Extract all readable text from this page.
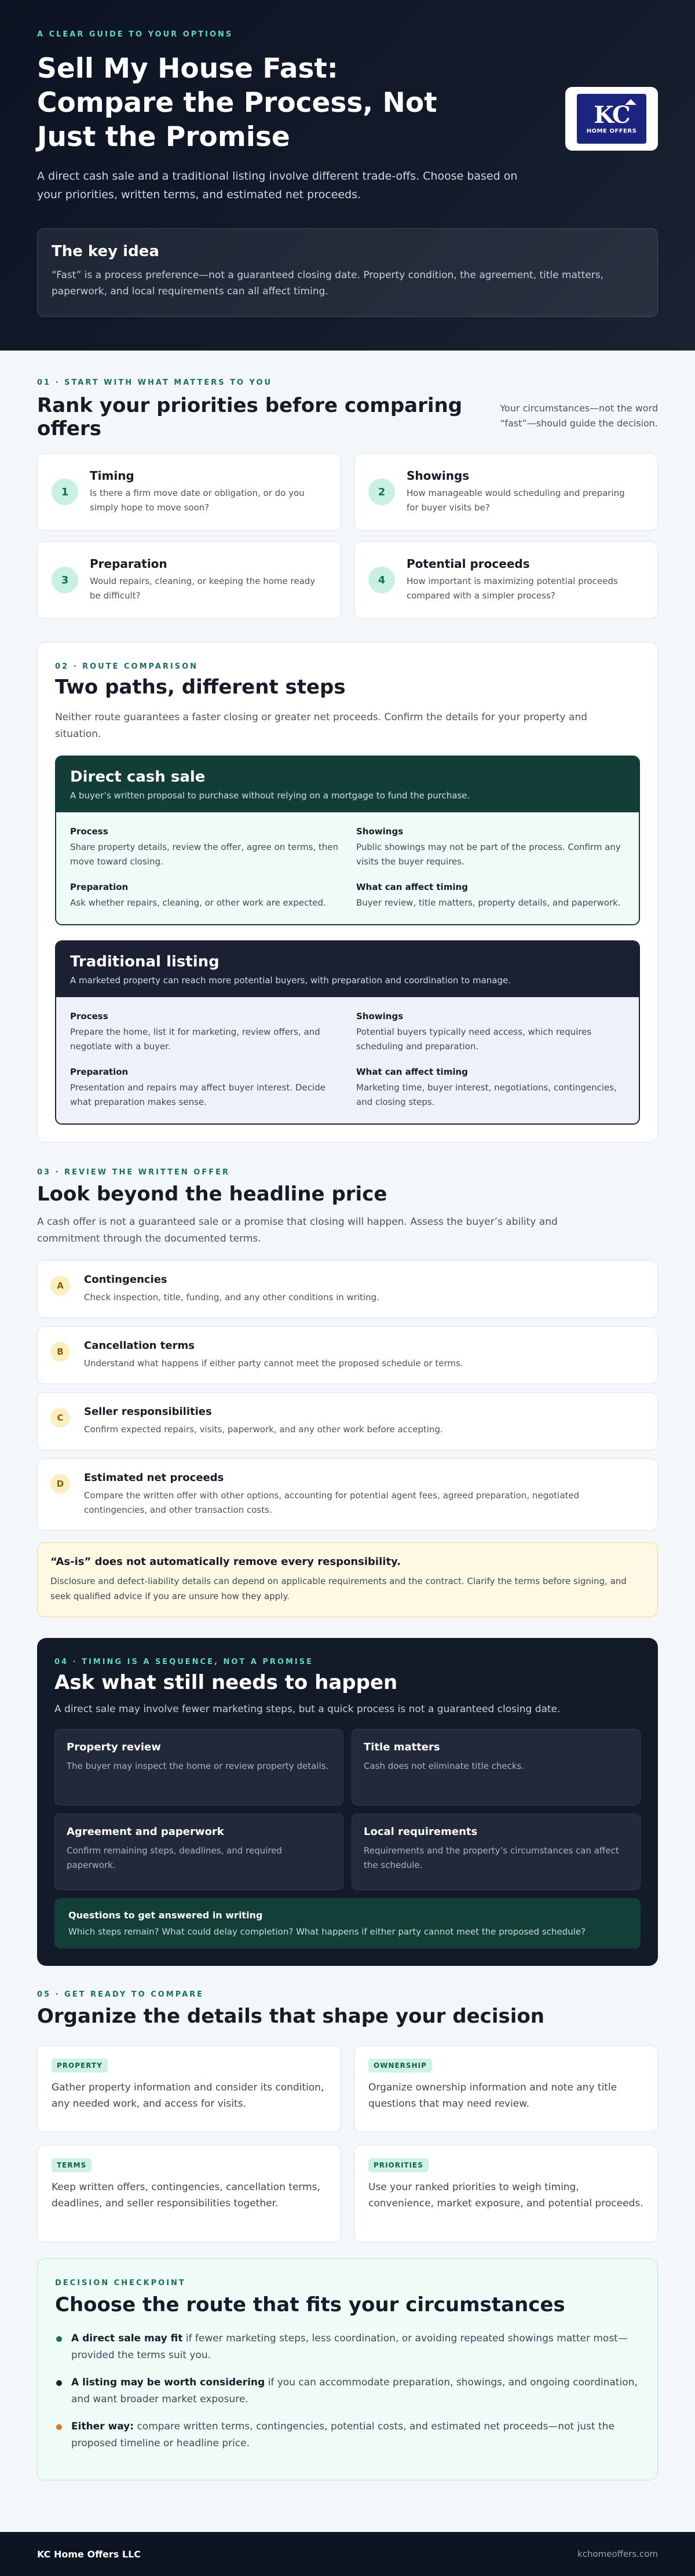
A CLEAR GUIDE TO YOUR OPTIONS
Sell My House Fast: Compare the Process, Not Just the Promise

A direct cash sale and a traditional listing involve different trade-offs. Choose based on your priorities, written terms, and estimated net proceeds.

KC
HOME OFFERS
The key idea

“Fast” is a process preference—not a guaranteed closing date. Property condition, the agreement, title matters, paperwork, and local requirements can all affect timing.

01 · START WITH WHAT MATTERS TO YOU
Rank your priorities before comparing offers

Your circumstances—not the word “fast”—should guide the decision.

1
Timing

Is there a firm move date or obligation, or do you simply hope to move soon?

2
Showings

How manageable would scheduling and preparing for buyer visits be?

3
Preparation

Would repairs, cleaning, or keeping the home ready be difficult?

4
Potential proceeds

How important is maximizing potential proceeds compared with a simpler process?

02 · ROUTE COMPARISON
Two paths, different steps

Neither route guarantees a faster closing or greater net proceeds. Confirm the details for your property and situation.

Direct cash sale

A buyer’s written proposal to purchase without relying on a mortgage to fund the purchase.

Process

Share property details, review the offer, agree on terms, then move toward closing.

Showings

Public showings may not be part of the process. Confirm any visits the buyer requires.

Preparation

Ask whether repairs, cleaning, or other work are expected.

What can affect timing

Buyer review, title matters, property details, and paperwork.

Traditional listing

A marketed property can reach more potential buyers, with preparation and coordination to manage.

Process

Prepare the home, list it for marketing, review offers, and negotiate with a buyer.

Showings

Potential buyers typically need access, which requires scheduling and preparation.

Preparation

Presentation and repairs may affect buyer interest. Decide what preparation makes sense.

What can affect timing

Marketing time, buyer interest, negotiations, contingencies, and closing steps.

03 · REVIEW THE WRITTEN OFFER
Look beyond the headline price

A cash offer is not a guaranteed sale or a promise that closing will happen. Assess the buyer’s ability and commitment through the documented terms.

A	Contingencies

Check inspection, title, funding, and any other conditions in writing.

B	Cancellation terms

Understand what happens if either party cannot meet the proposed schedule or terms.

C	Seller responsibilities

Confirm expected repairs, visits, paperwork, and any other work before accepting.

D	Estimated net proceeds

Compare the written offer with other options, accounting for potential agent fees, agreed preparation, negotiated contingencies, and other transaction costs.

“As-is” does not automatically remove every responsibility.

Disclosure and defect-liability details can depend on applicable requirements and the contract. Clarify the terms before signing, and seek qualified advice if you are unsure how they apply.

04 · TIMING IS A SEQUENCE, NOT A PROMISE
Ask what still needs to happen

A direct sale may involve fewer marketing steps, but a quick process is not a guaranteed closing date.

Property review

The buyer may inspect the home or review property details.

Title matters

Cash does not eliminate title checks.

Agreement and paperwork

Confirm remaining steps, deadlines, and required paperwork.

Local requirements

Requirements and the property’s circumstances can affect the schedule.

Questions to get answered in writing

Which steps remain? What could delay completion? What happens if either party cannot meet the proposed schedule?

05 · GET READY TO COMPARE
Organize the details that shape your decision
PROPERTY

Gather property information and consider its condition, any needed work, and access for visits.

OWNERSHIP

Organize ownership information and note any title questions that may need review.

TERMS

Keep written offers, contingencies, cancellation terms, deadlines, and seller responsibilities together.

PRIORITIES

Use your ranked priorities to weigh timing, convenience, market exposure, and potential proceeds.

DECISION CHECKPOINT
Choose the route that fits your circumstances
A direct sale may fit if fewer marketing steps, less coordination, or avoiding repeated showings matter most—provided the terms suit you.
A listing may be worth considering if you can accommodate preparation, showings, and ongoing coordination, and want broader market exposure.
Either way: compare written terms, contingencies, potential costs, and estimated net proceeds—not just the proposed timeline or headline price.
KC Home Offers LLC	kchomeoffers.com
